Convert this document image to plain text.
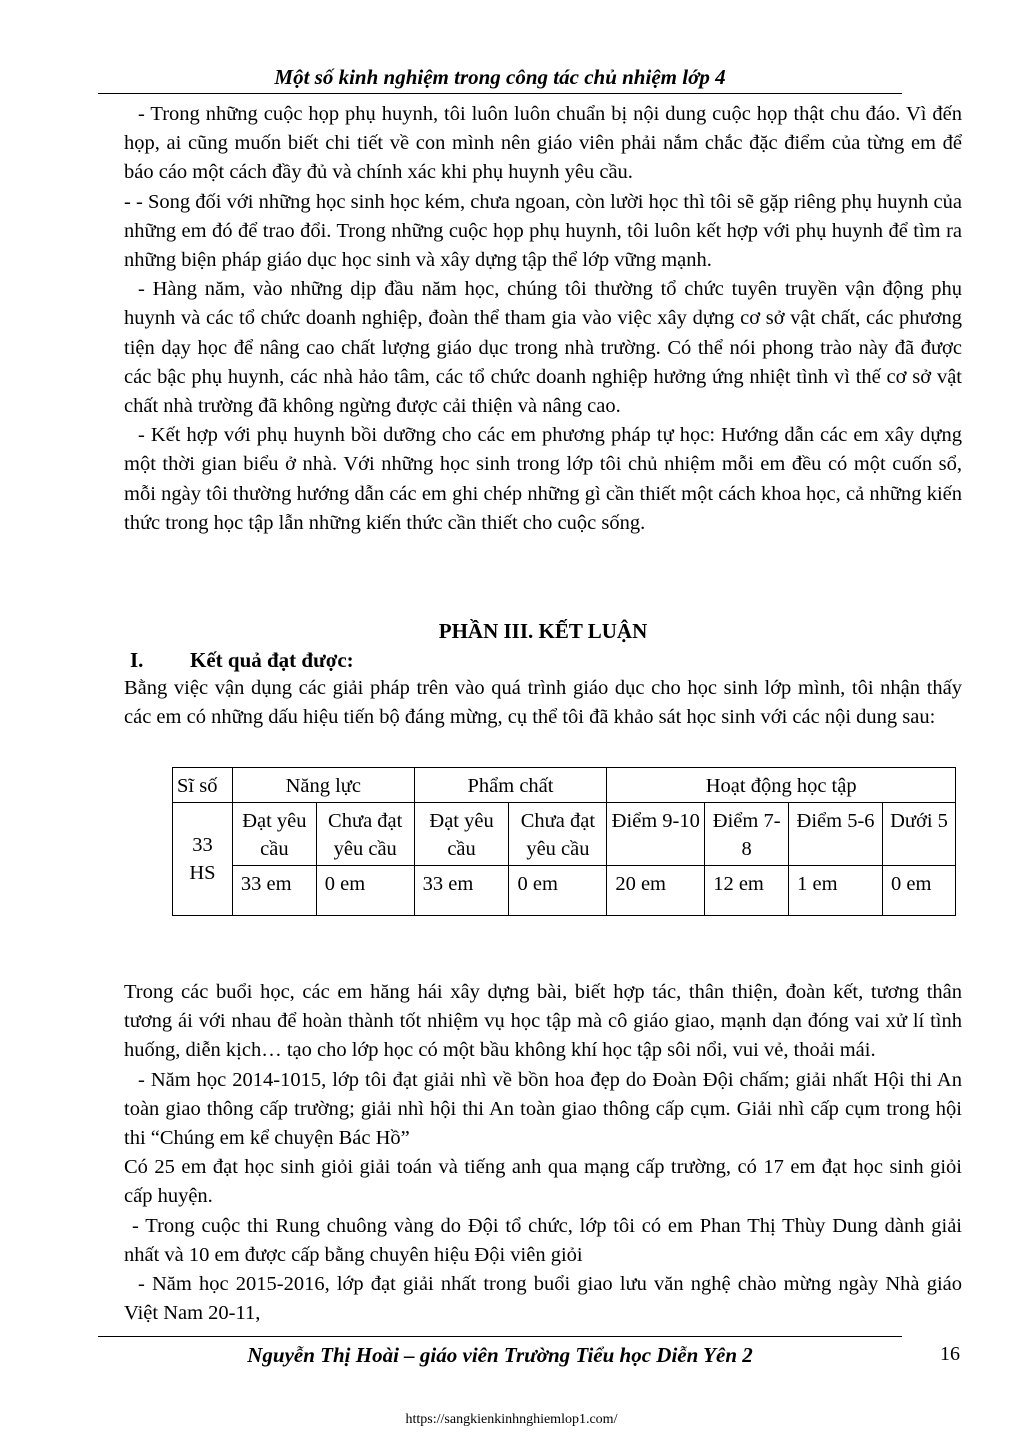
Một số kinh nghiệm trong công tác chủ nhiệm lớp 4

- Trong những cuộc họp phụ huynh, tôi luôn luôn chuẩn bị nội dung cuộc họp thật chu đáo. Vì đến họp, ai cũng muốn biết chi tiết về con mình nên giáo viên phải nắm chắc đặc điểm của từng em để báo cáo một cách đầy đủ và chính xác khi phụ huynh yêu cầu.

- - Song đối với những học sinh học kém, chưa ngoan, còn lười học thì tôi sẽ gặp riêng phụ huynh của những em đó để trao đổi. Trong những cuộc họp phụ huynh, tôi luôn kết hợp với phụ huynh để tìm ra những biện pháp giáo dục học sinh và xây dựng tập thể lớp vững mạnh.

- Hàng năm, vào những dịp đầu năm học, chúng tôi thường tổ chức tuyên truyền vận động phụ huynh và các tổ chức doanh nghiệp, đoàn thể tham gia vào việc xây dựng cơ sở vật chất, các phương tiện dạy học để nâng cao chất lượng giáo dục trong nhà trường. Có thể nói phong trào này đã được các bậc phụ huynh, các nhà hảo tâm, các tổ chức doanh nghiệp hưởng ứng nhiệt tình vì thế cơ sở vật chất nhà trường đã không ngừng được cải thiện và nâng cao.

- Kết hợp với phụ huynh bồi dưỡng cho các em phương pháp tự học: Hướng dẫn các em xây dựng một thời gian biểu ở nhà. Với những học sinh trong lớp tôi chủ nhiệm mỗi em đều có một cuốn sổ, mỗi ngày tôi thường hướng dẫn các em ghi chép những gì cần thiết một cách khoa học, cả những kiến thức trong học tập lẫn những kiến thức cần thiết cho cuộc sống.

PHẦN III. KẾT LUẬN
I. Kết quả đạt được:

Bằng việc vận dụng các giải pháp trên vào quá trình giáo dục cho học sinh lớp mình, tôi nhận thấy các em có những dấu hiệu tiến bộ đáng mừng, cụ thể tôi đã khảo sát học sinh với các nội dung sau:

Sĩ số	Năng lực		Phẩm chất		Hoạt động học tập			
33 HS	Đạt yêu cầu	Chưa đạt yêu cầu	Đạt yêu cầu	Chưa đạt yêu cầu	Điểm 9-10	Điểm 7-8	Điểm 5-6	Dưới 5
	33 em	0 em	33 em	0 em	20 em	12 em	1 em	0 em

Trong các buổi học, các em hăng hái xây dựng bài, biết hợp tác, thân thiện, đoàn kết, tương thân tương ái với nhau để hoàn thành tốt nhiệm vụ học tập mà cô giáo giao, mạnh dạn đóng vai xử lí tình huống, diễn kịch… tạo cho lớp học có một bầu không khí học tập sôi nổi, vui vẻ, thoải mái.

- Năm học 2014-1015, lớp tôi đạt giải nhì về bồn hoa đẹp do Đoàn Đội chấm; giải nhất Hội thi An toàn giao thông cấp trường; giải nhì hội thi An toàn giao thông cấp cụm. Giải nhì cấp cụm trong hội thi “Chúng em kể chuyện Bác Hồ”

Có 25 em đạt học sinh giỏi giải toán và tiếng anh qua mạng cấp trường, có 17 em đạt học sinh giỏi cấp huyện.

- Trong cuộc thi Rung chuông vàng do Đội tổ chức, lớp tôi có em Phan Thị Thùy Dung dành giải nhất và 10 em được cấp bằng chuyên hiệu Đội viên giỏi

- Năm học 2015-2016, lớp đạt giải nhất trong buổi giao lưu văn nghệ chào mừng ngày Nhà giáo Việt Nam 20-11,

Nguyễn Thị Hoài – giáo viên Trường Tiểu học Diễn Yên 2	16
https://sangkienkinhnghiemlop1.com/
